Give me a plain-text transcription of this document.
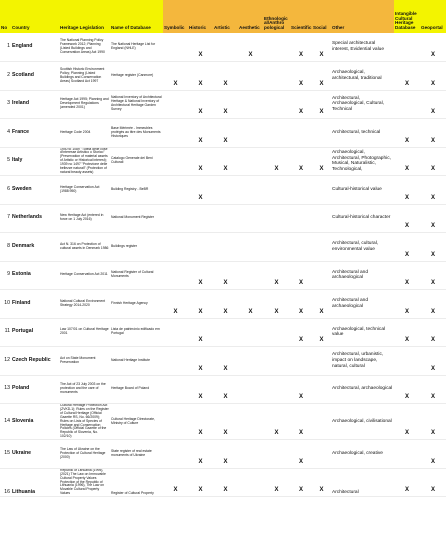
No	Country	Heritage Legislation	Name of Database	Symbolic	Historic	Artistic	Aesthetic	Ethnologic al/Anthro pological	Scientific	Social	Other	Intangible Cultural Heritage Database	Geoportal
1	England	The National Planning Policy Framework 2012; Planning (Listed Buildings and Conservation Areas) Act 1990	The National Heritage List for England (NHLE)		X		X		X	X	Special architectural interest, Evidential value		X
2	Scotland	Scottish Historic Environment Policy; Planning (Listed Buildings and Conservation Areas) Scotland Act 1997	Heritage register (Canmore)	X	X	X			X	X	Archaeological, architectural, traditional	X	X
3	Ireland	Heritage Act 1995; Planning and Development Regulations (amended 2001)	National Inventory of Architectural Heritage & National Inventory of Architectural Heritage Garden Survey		X	X			X	X	Architectural, Archaeological, Cultural, Technical		X
4	France	Heritage Code 2004	Base Mérimée - Immeubles protégés au titre des Monuments Historiques		X	X					Architectural, technical	X	X
5	Italy	1940 to 1089 "Tutela delle cose d'interesse Artistico o Storico" (Preservation of material assets of Artistic or Historical interest); 1939 no 1497 "Protezione delle bellezze naturali" (Protection of natural beauty assets)	Catalogo Generale dei Beni Culturali		X	X		X	X	X	Archaeological, Architectural, Photographic, Musical, Naturalistic, Technological,	X	X
6	Sweden	Heritage Conservation Act (1988:950)	Building Registry - BeBR		X						Cultural-historical value	X	X
7	Netherlands	New Heritage Act (entered in force on 1 July 2016)	National Monument Register								Cultural-historical character	X	X
8	Denmark	Act N. 316 on Protection of cultural assets in Denmark 1986	Buildings register								Architectural, cultural, environmental value	X	X
9	Estonia	Heritage Conservation Act 2011	National Register of Cultural Monuments		X	X		X	X		Architectural and archaeological	X	X
10	Finland	National Cultural Environment Strategy 2014-2020	Finnish Heritage Agency	X	X	X	X	X	X	X	Architectural and archaeological	X	X
11	Portugal	Law 107/01 on Cultural Heritage 2001	Lista de património edificado em Portugal		X				X	X	Archaeological, technical value	X	X
12	Czech Republic	Act on State Monument Preservation	National Heritage Institute		X	X					Architectural, urbanistic, impact on landscape, natural, cultural		X
13	Poland	The Act of 23 July 2003 on the protection and the care of monuments	Heritage Board of Poland		X	X			X		Architectural, archaeological	X	X
14	Slovenia	Cultural Heritage Protection Act (ZVKD-1); Rules on the Register of Cultural Heritage (Official Gazette RS, No. 66/2009); Rules on Lists of Species of Heritage and Conservation Policies (Official Gazette of the Republic of Slovenia, No. 102/10)	Cultural Heritage Directorate, Ministry of Culture		X	X		X	X		Archaeological, civilisational	X	X
15	Ukraine	The Law of Ukraine on the Protection of Cultural Heritage (2000)	State register of real estate monuments of Ukraine		X	X			X		Archaeological, creative		X
16	Lithuania	Republic of Lithuania (1995), (2021) The Law on Immovable Cultural Property Values Protection of the Republic of Lithuania (1996), The Law on Movable Cultural Property Values	Register of Cultural Property	X	X	X		X	X	X	Architectural	X	X
